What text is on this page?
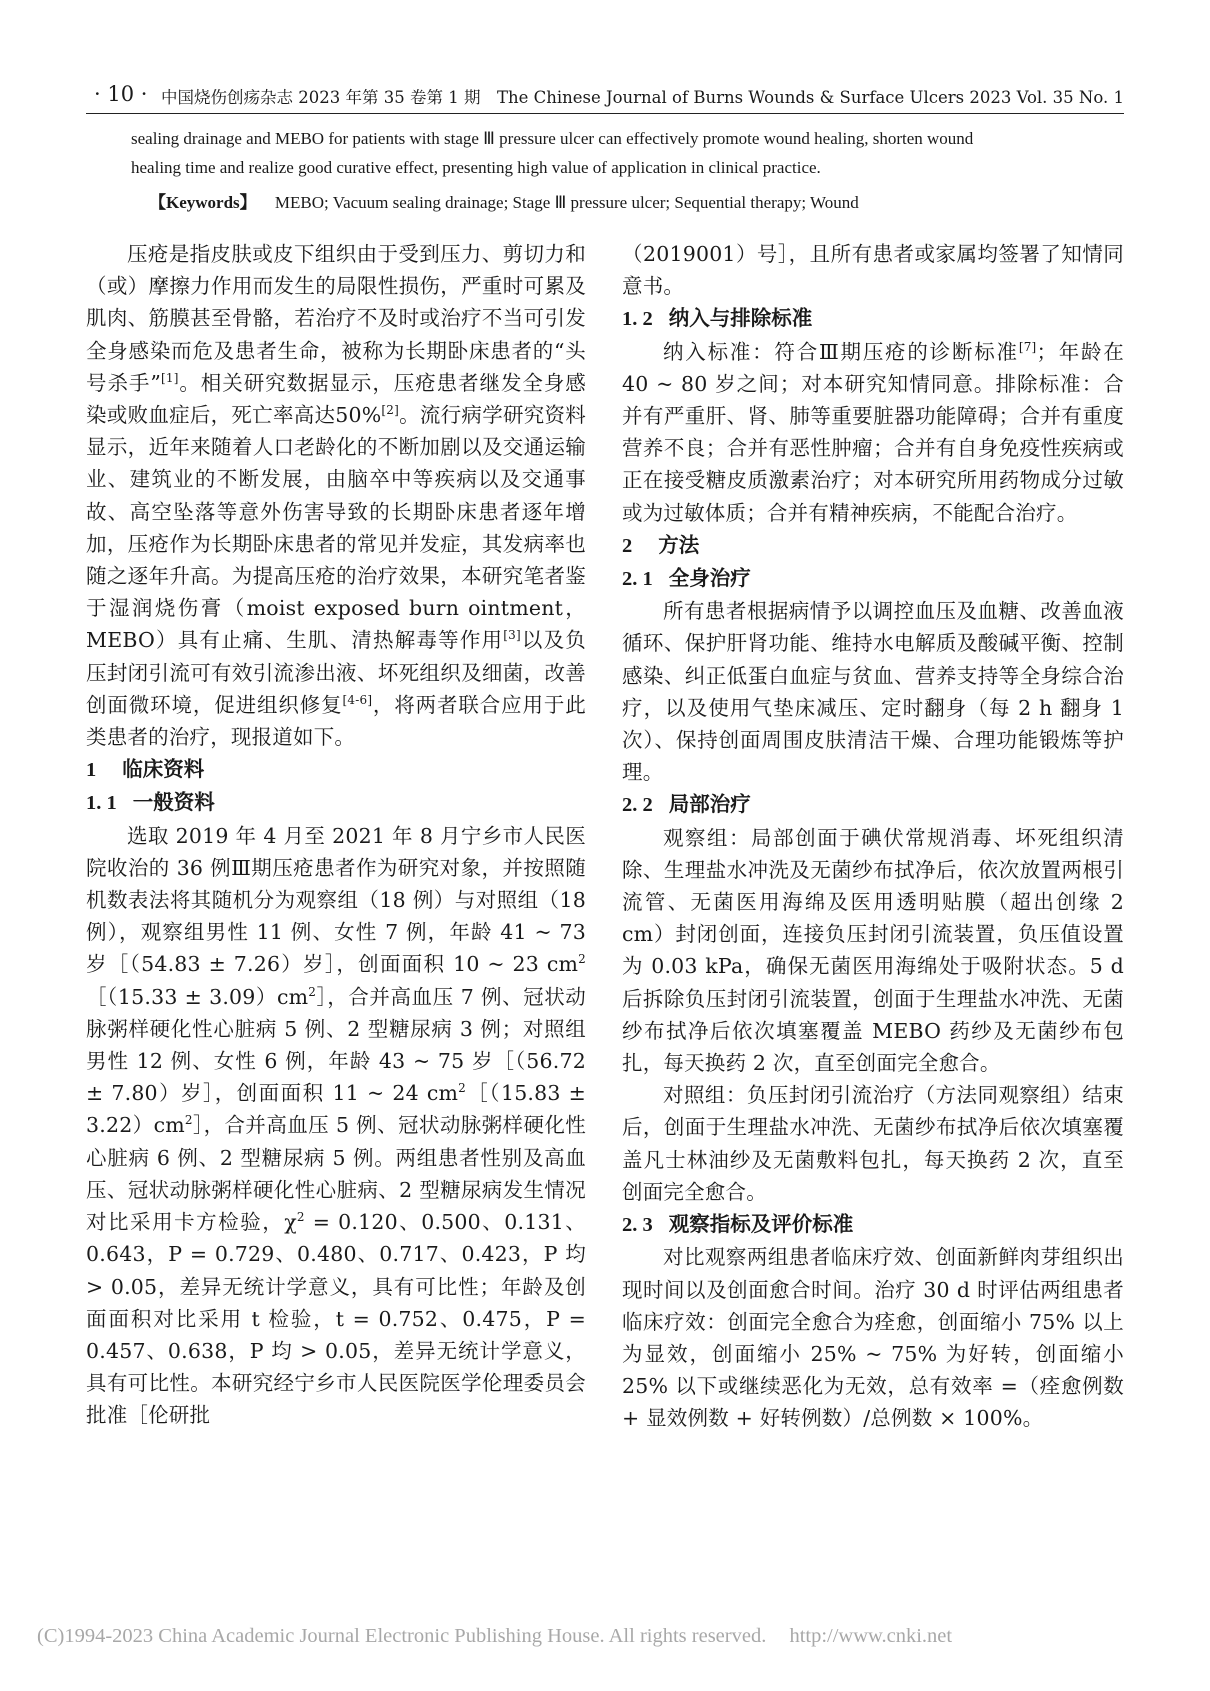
· 10 · 中国烧伤创疡杂志 2023 年第 35 卷第 1 期　The Chinese Journal of Burns Wounds & Surface Ulcers 2023 Vol. 35 No. 1
sealing drainage and MEBO for patients with stage Ⅲ pressure ulcer can effectively promote wound healing, shorten wound
healing time and realize good curative effect, presenting high value of application in clinical practice.
【Keywords】 MEBO; Vacuum sealing drainage; Stage Ⅲ pressure ulcer; Sequential therapy; Wound

压疮是指皮肤或皮下组织由于受到压力、剪切力和（或）摩擦力作用而发生的局限性损伤，严重时可累及肌肉、筋膜甚至骨骼，若治疗不及时或治疗不当可引发全身感染而危及患者生命，被称为长期卧床患者的“头号杀手”[1]。相关研究数据显示，压疮患者继发全身感染或败血症后，死亡率高达50%[2]。流行病学研究资料显示，近年来随着人口老龄化的不断加剧以及交通运输业、建筑业的不断发展，由脑卒中等疾病以及交通事故、高空坠落等意外伤害导致的长期卧床患者逐年增加，压疮作为长期卧床患者的常见并发症，其发病率也随之逐年升高。为提高压疮的治疗效果，本研究笔者鉴于湿润烧伤膏（moist exposed burn ointment，MEBO）具有止痛、生肌、清热解毒等作用[3]以及负压封闭引流可有效引流渗出液、坏死组织及细菌，改善创面微环境，促进组织修复[4-6]，将两者联合应用于此类患者的治疗，现报道如下。

1 临床资料
1. 1 一般资料

选取 2019 年 4 月至 2021 年 8 月宁乡市人民医院收治的 36 例Ⅲ期压疮患者作为研究对象，并按照随机数表法将其随机分为观察组（18 例）与对照组（18 例），观察组男性 11 例、女性 7 例，年龄 41 ~ 73 岁［（54.83 ± 7.26）岁］，创面面积 10 ~ 23 $cm^2[(15.33$ ± $3.09)cm^2]$，合并高血压 7 例、冠状动脉粥样硬化性心脏病 5 例、2 型糖尿病 3 例；对照组男性 12 例、女性 6 例，年龄 43 ~ 75 岁［（56.72 ± 7.80）岁］，创面面积 11 ~ 24 $cm^2[(15.83$ ± $3.22)cm^2]$，合并高血压 5 例、冠状动脉粥样硬化性心脏病 6 例、2 型糖尿病 5 例。两组患者性别及高血压、冠状动脉粥样硬化性心脏病、2 型糖尿病发生情况对比采用卡方检验，$\chi^2 = 0.120$、0.500、0.131、0.643，P = 0.729、0.480、0.717、0.423，P 均 > 0.05，差异无统计学意义，具有可比性；年龄及创面面积对比采用 t 检验，t = 0.752、0.475，P = 0.457、0.638，P 均 > 0.05，差异无统计学意义，具有可比性。本研究经宁乡市人民医院医学伦理委员会批准［伦研批

（2019001）号］，且所有患者或家属均签署了知情同意书。

1. 2 纳入与排除标准

纳入标准：符合Ⅲ期压疮的诊断标准[7]；年龄在 40 ~ 80 岁之间；对本研究知情同意。排除标准：合并有严重肝、肾、肺等重要脏器功能障碍；合并有重度营养不良；合并有恶性肿瘤；合并有自身免疫性疾病或正在接受糖皮质激素治疗；对本研究所用药物成分过敏或为过敏体质；合并有精神疾病，不能配合治疗。

2 方法
2. 1 全身治疗

所有患者根据病情予以调控血压及血糖、改善血液循环、保护肝肾功能、维持水电解质及酸碱平衡、控制感染、纠正低蛋白血症与贫血、营养支持等全身综合治疗，以及使用气垫床减压、定时翻身（每 2 h 翻身 1 次）、保持创面周围皮肤清洁干燥、合理功能锻炼等护理。

2. 2 局部治疗

观察组：局部创面于碘伏常规消毒、坏死组织清除、生理盐水冲洗及无菌纱布拭净后，依次放置两根引流管、无菌医用海绵及医用透明贴膜（超出创缘 2 cm）封闭创面，连接负压封闭引流装置，负压值设置为 0.03 kPa，确保无菌医用海绵处于吸附状态。5 d 后拆除负压封闭引流装置，创面于生理盐水冲洗、无菌纱布拭净后依次填塞覆盖 MEBO 药纱及无菌纱布包扎，每天换药 2 次，直至创面完全愈合。

对照组：负压封闭引流治疗（方法同观察组）结束后，创面于生理盐水冲洗、无菌纱布拭净后依次填塞覆盖凡士林油纱及无菌敷料包扎，每天换药 2 次，直至创面完全愈合。

2. 3 观察指标及评价标准

对比观察两组患者临床疗效、创面新鲜肉芽组织出现时间以及创面愈合时间。治疗 30 d 时评估两组患者临床疗效：创面完全愈合为痊愈，创面缩小 75% 以上为显效，创面缩小 25% ~ 75% 为好转，创面缩小 25% 以下或继续恶化为无效，总有效率 =（痊愈例数 + 显效例数 + 好转例数）/总例数 × 100%。

(C)1994-2023 China Academic Journal Electronic Publishing House. All rights reserved. http://www.cnki.net
